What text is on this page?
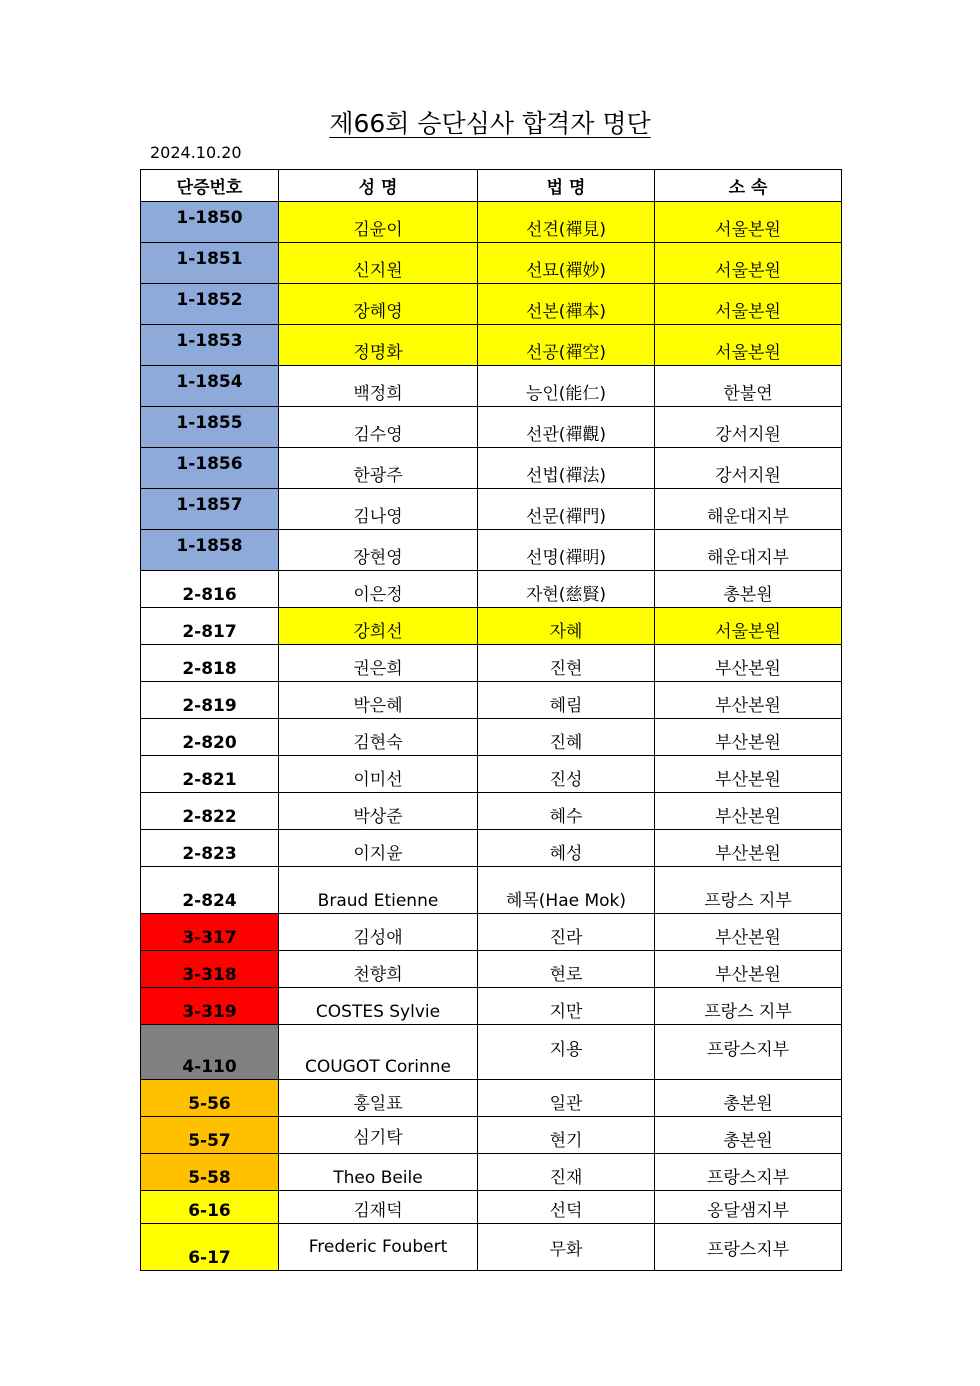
제66회 승단심사 합격자 명단
2024.10.20
단증번호	성 명	법 명	소 속
1-1850	김윤이	선견(禪見)	서울본원
1-1851	신지원	선묘(禪妙)	서울본원
1-1852	장혜영	선본(禪本)	서울본원
1-1853	정명화	선공(禪空)	서울본원
1-1854	백정희	능인(能仁)	한불연
1-1855	김수영	선관(禪觀)	강서지원
1-1856	한광주	선법(禪法)	강서지원
1-1857	김나영	선문(禪門)	해운대지부
1-1858	장현영	선명(禪明)	해운대지부
2-816	이은정	자현(慈賢)	총본원
2-817	강희선	자혜	서울본원
2-818	권은희	진현	부산본원
2-819	박은혜	혜림	부산본원
2-820	김현숙	진혜	부산본원
2-821	이미선	진성	부산본원
2-822	박상준	혜수	부산본원
2-823	이지윤	혜성	부산본원
2-824	Braud Etienne	혜목(Hae Mok)	프랑스 지부
3-317	김성애	진라	부산본원
3-318	천향희	현로	부산본원
3-319	COSTES Sylvie	지만	프랑스 지부
4-110	COUGOT Corinne	지용	프랑스지부
5-56	홍일표	일관	총본원
5-57	심기탁	현기	총본원
5-58	Theo Beile	진재	프랑스지부
6-16	김재덕	선덕	옹달샘지부
6-17	Frederic Foubert	무화	프랑스지부
